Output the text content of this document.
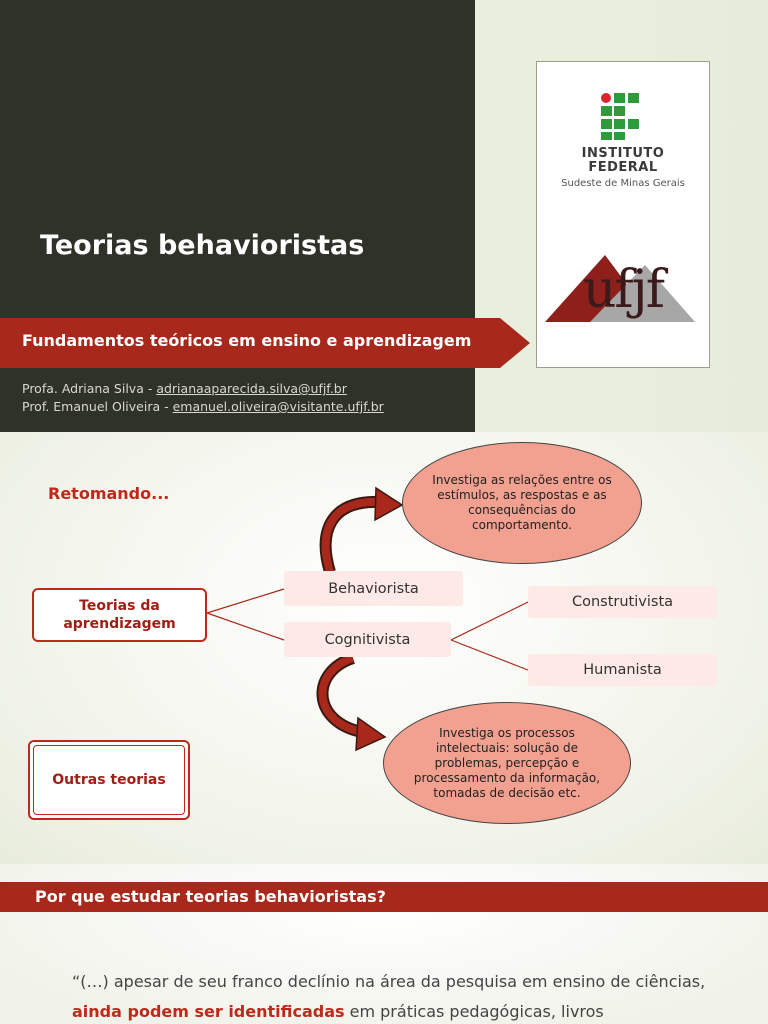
Teorias behavioristas
Fundamentos teóricos em ensino e aprendizagem
Profa. Adriana Silva - adrianaaparecida.silva@ufjf.br
Prof. Emanuel Oliveira - emanuel.oliveira@visitante.ufjf.br
INSTITUTO
FEDERAL
Sudeste de Minas Gerais
ufjf
Retomando...
Teorias da
aprendizagem
Behaviorista
Cognitivista
Construtivista
Humanista
Investiga as relações entre os estímulos, as respostas e as consequências do comportamento.
Investiga os processos intelectuais: solução de problemas, percepção e processamento da informação, tomadas de decisão etc.
Outras teorias
Por que estudar teorias behavioristas?
“(…) apesar de seu franco declínio na área da pesquisa em ensino de ciências, ainda podem ser identificadas em práticas pedagógicas, livros
